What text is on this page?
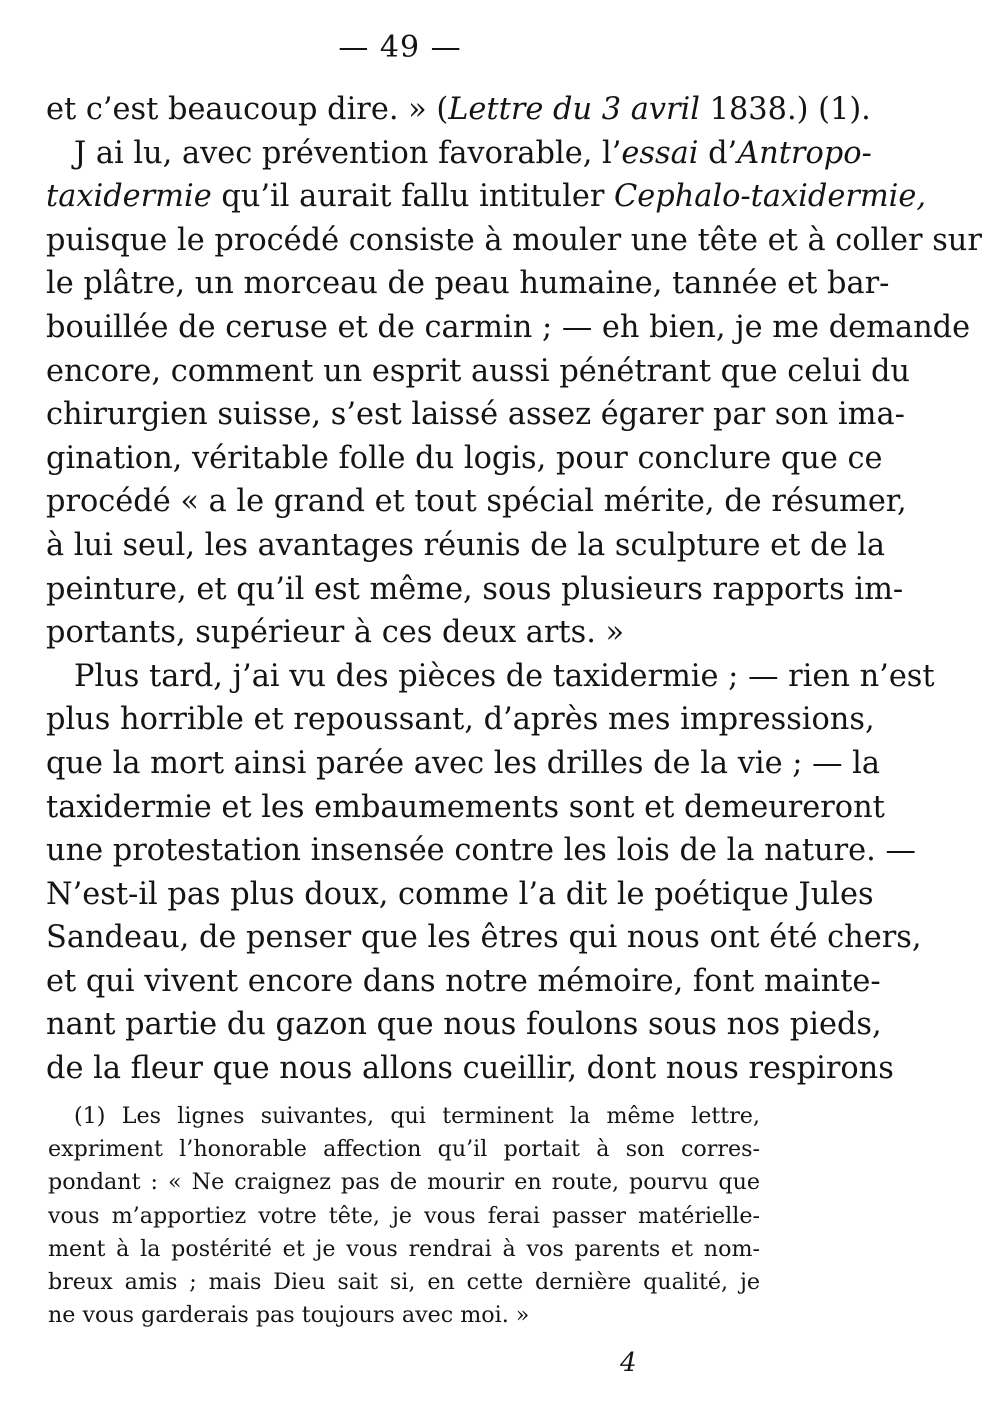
— 49 —
et c’est beaucoup dire. » (Lettre du 3 avril 1838.) (1).
J ai lu, avec prévention favorable, l’essai d’Antropo-
taxidermie qu’il aurait fallu intituler Cephalo-taxidermie,
puisque le procédé consiste à mouler une tête et à coller sur
le plâtre, un morceau de peau humaine, tannée et bar-
bouillée de ceruse et de carmin ; — eh bien, je me demande
encore, comment un esprit aussi pénétrant que celui du
chirurgien suisse, s’est laissé assez égarer par son ima-
gination, véritable folle du logis, pour conclure que ce
procédé « a le grand et tout spécial mérite, de résumer,
à lui seul, les avantages réunis de la sculpture et de la
peinture, et qu’il est même, sous plusieurs rapports im-
portants, supérieur à ces deux arts. »
Plus tard, j’ai vu des pièces de taxidermie ; — rien n’est
plus horrible et repoussant, d’après mes impressions,
que la mort ainsi parée avec les drilles de la vie ; — la
taxidermie et les embaumements sont et demeureront
une protestation insensée contre les lois de la nature. —
N’est-il pas plus doux, comme l’a dit le poétique Jules
Sandeau, de penser que les êtres qui nous ont été chers,
et qui vivent encore dans notre mémoire, font mainte-
nant partie du gazon que nous foulons sous nos pieds,
de la fleur que nous allons cueillir, dont nous respirons
(1) Les lignes suivantes, qui terminent la même lettre,
expriment l’honorable affection qu’il portait à son corres-
pondant : « Ne craignez pas de mourir en route, pourvu que
vous m’apportiez votre tête, je vous ferai passer matérielle-
ment à la postérité et je vous rendrai à vos parents et nom-
breux amis ; mais Dieu sait si, en cette dernière qualité, je
ne vous garderais pas toujours avec moi. »
4
